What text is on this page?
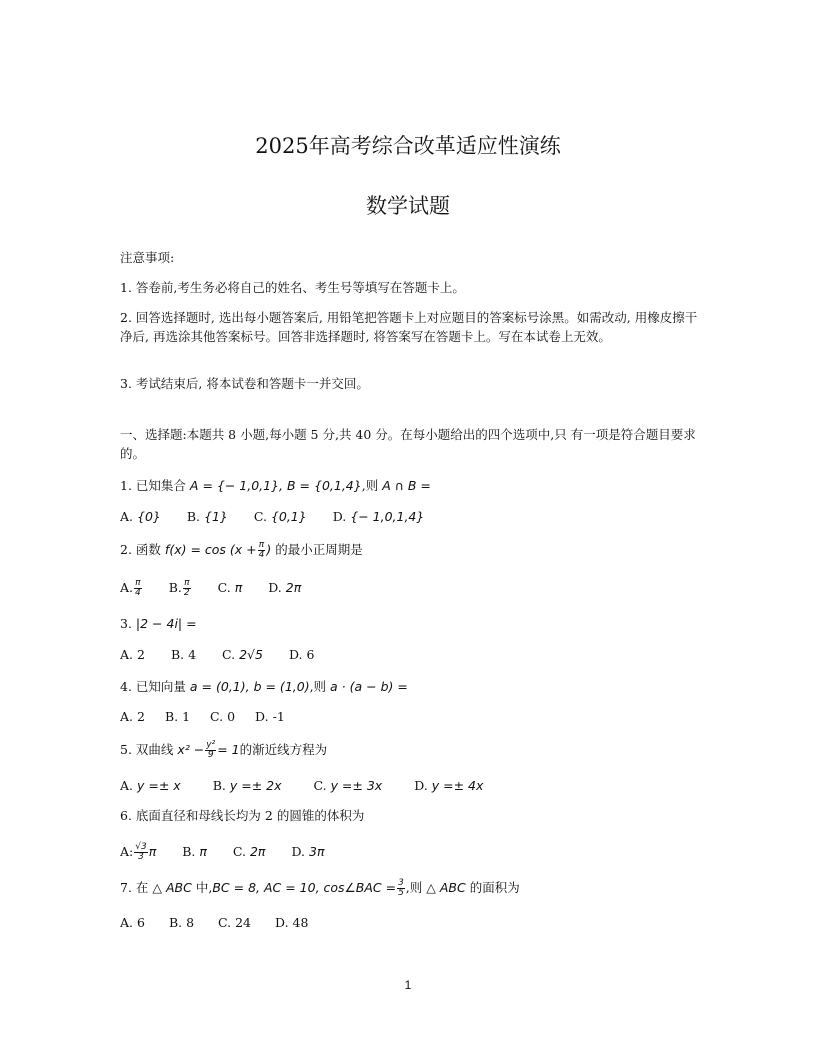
2025年高考综合改革适应性演练
数学试题
注意事项:
1. 答卷前,考生务必将自己的姓名、考生号等填写在答题卡上。
2. 回答选择题时, 选出每小题答案后, 用铅笔把答题卡上对应题目的答案标号涂黑。如需改动, 用橡皮擦干净后, 再选涂其他答案标号。回答非选择题时, 将答案写在答题卡上。写在本试卷上无效。
3. 考试结束后, 将本试卷和答题卡一并交回。
一、选择题:本题共 8 小题,每小题 5 分,共 40 分。在每小题给出的四个选项中,只 有一项是符合题目要求的。
1. 已知集合 A = {− 1,0,1}, B = {0,1,4},则 A ∩ B =
A. {0} B. {1} C. {0,1} D. {− 1,0,1,4}
2. 函数 $f(x) = \cos (x + \frac{\pi}{4}$ ) 的最小正周期是
A. $\frac{\pi}{4} B$. $\frac{\pi}{2} C$. π D. 2π
3. |2 − 4i| =
A. 2 B. 4 C. 2√5 D. 6
4. 已知向量 a = (0,1), b = (1,0),则 a · (a − b) =
A. 2 B. 1 C. 0 D. -1
5. 双曲线 $x^2 - \frac{\text{y²}}{9} = 1$的渐近线方程为
A. y =± x	B. y =± 2x	C. y =± 3x	D. y =± 4x
6. 底面直径和母线长均为 2 的圆锥的体积为
A: $\frac{√3}{3}$ π B. π C. 2π D. 3π
7. 在 △ ABC 中,BC = 8, AC = 10, cos∠BAC = $\frac{3}{5}$ ,则 △ ABC 的面积为
A. 6 B. 8 C. 24 D. 48
1
